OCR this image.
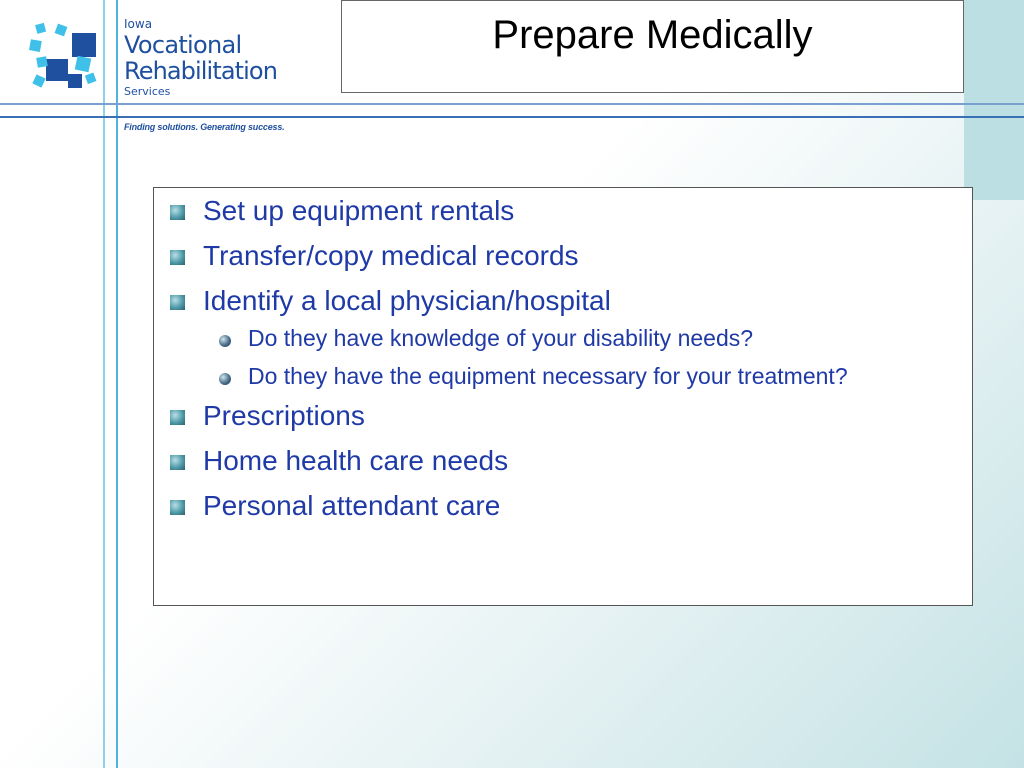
Iowa
Vocational
Rehabilitation
Services
Finding solutions. Generating success.
Prepare Medically
Set up equipment rentals
Transfer/copy medical records
Identify a local physician/hospital
Do they have knowledge of your disability needs?
Do they have the equipment necessary for your treatment?
Prescriptions
Home health care needs
Personal attendant care
